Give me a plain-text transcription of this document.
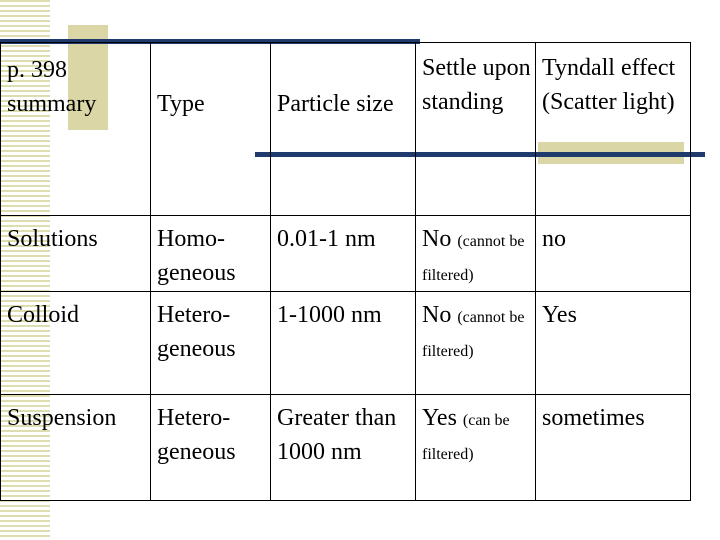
p. 398 summary	Type	Particle size	Settle upon standing	Tyndall effect (Scatter light)
Solutions	Homo-geneous	0.01-1 nm	No (cannot be filtered)	no
Colloid	Hetero-geneous	1-1000 nm	No (cannot be filtered)	Yes
Suspension	Hetero-geneous	Greater than 1000 nm	Yes (can be filtered)	sometimes
